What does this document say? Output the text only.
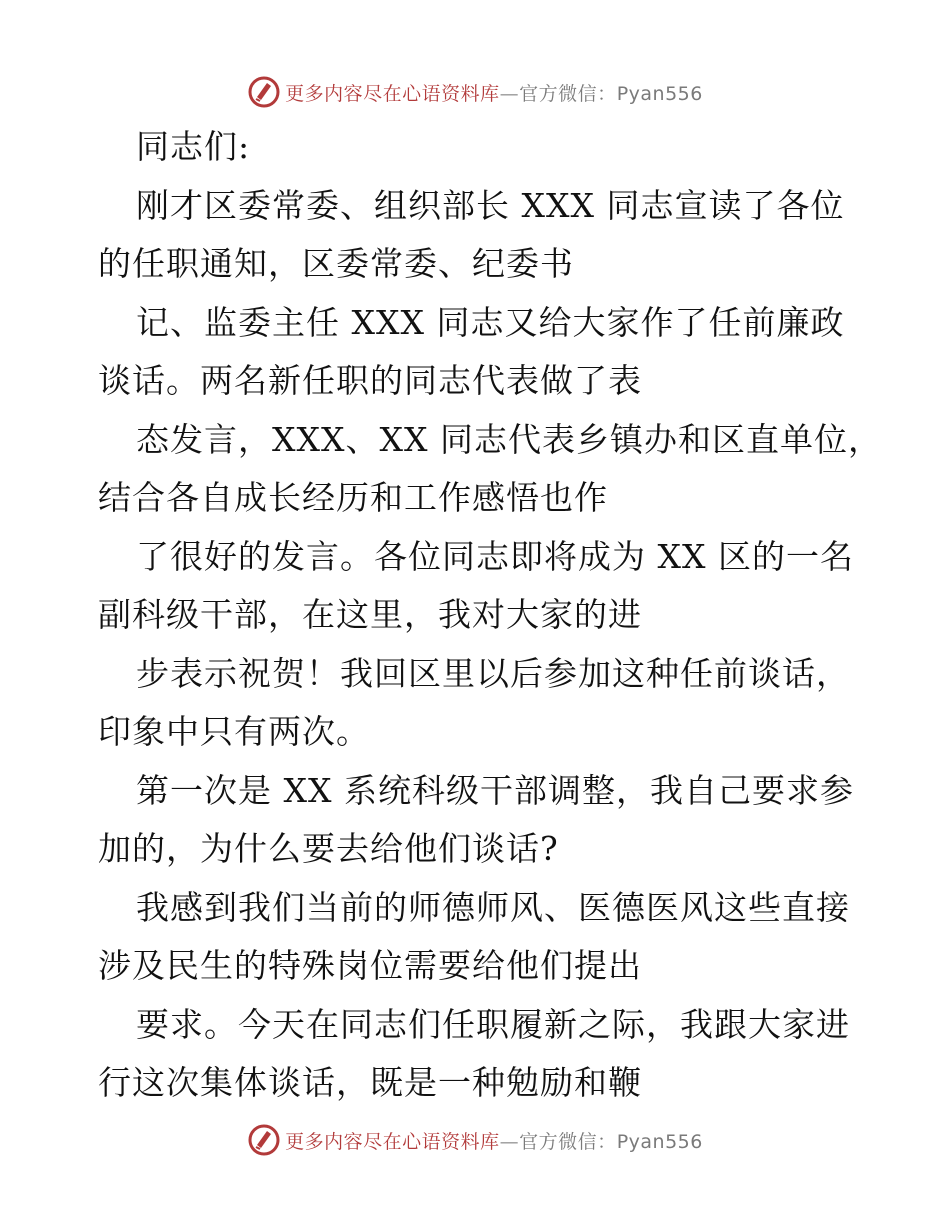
更多内容尽在心语资料库—官方微信：Pyan556

同志们:

刚才区委常委、组织部长 XXX 同志宣读了各位

的任职通知，区委常委、纪委书

记、监委主任 XXX 同志又给大家作了任前廉政

谈话。两名新任职的同志代表做了表

态发言，XXX、XX 同志代表乡镇办和区直单位，

结合各自成长经历和工作感悟也作

了很好的发言。各位同志即将成为 XX 区的一名

副科级干部，在这里，我对大家的进

步表示祝贺！我回区里以后参加这种任前谈话，

印象中只有两次。

第一次是 XX 系统科级干部调整，我自己要求参

加的，为什么要去给他们谈话?

我感到我们当前的师德师风、医德医风这些直接

涉及民生的特殊岗位需要给他们提出

要求。今天在同志们任职履新之际，我跟大家进

行这次集体谈话，既是一种勉励和鞭

更多内容尽在心语资料库—官方微信：Pyan556
